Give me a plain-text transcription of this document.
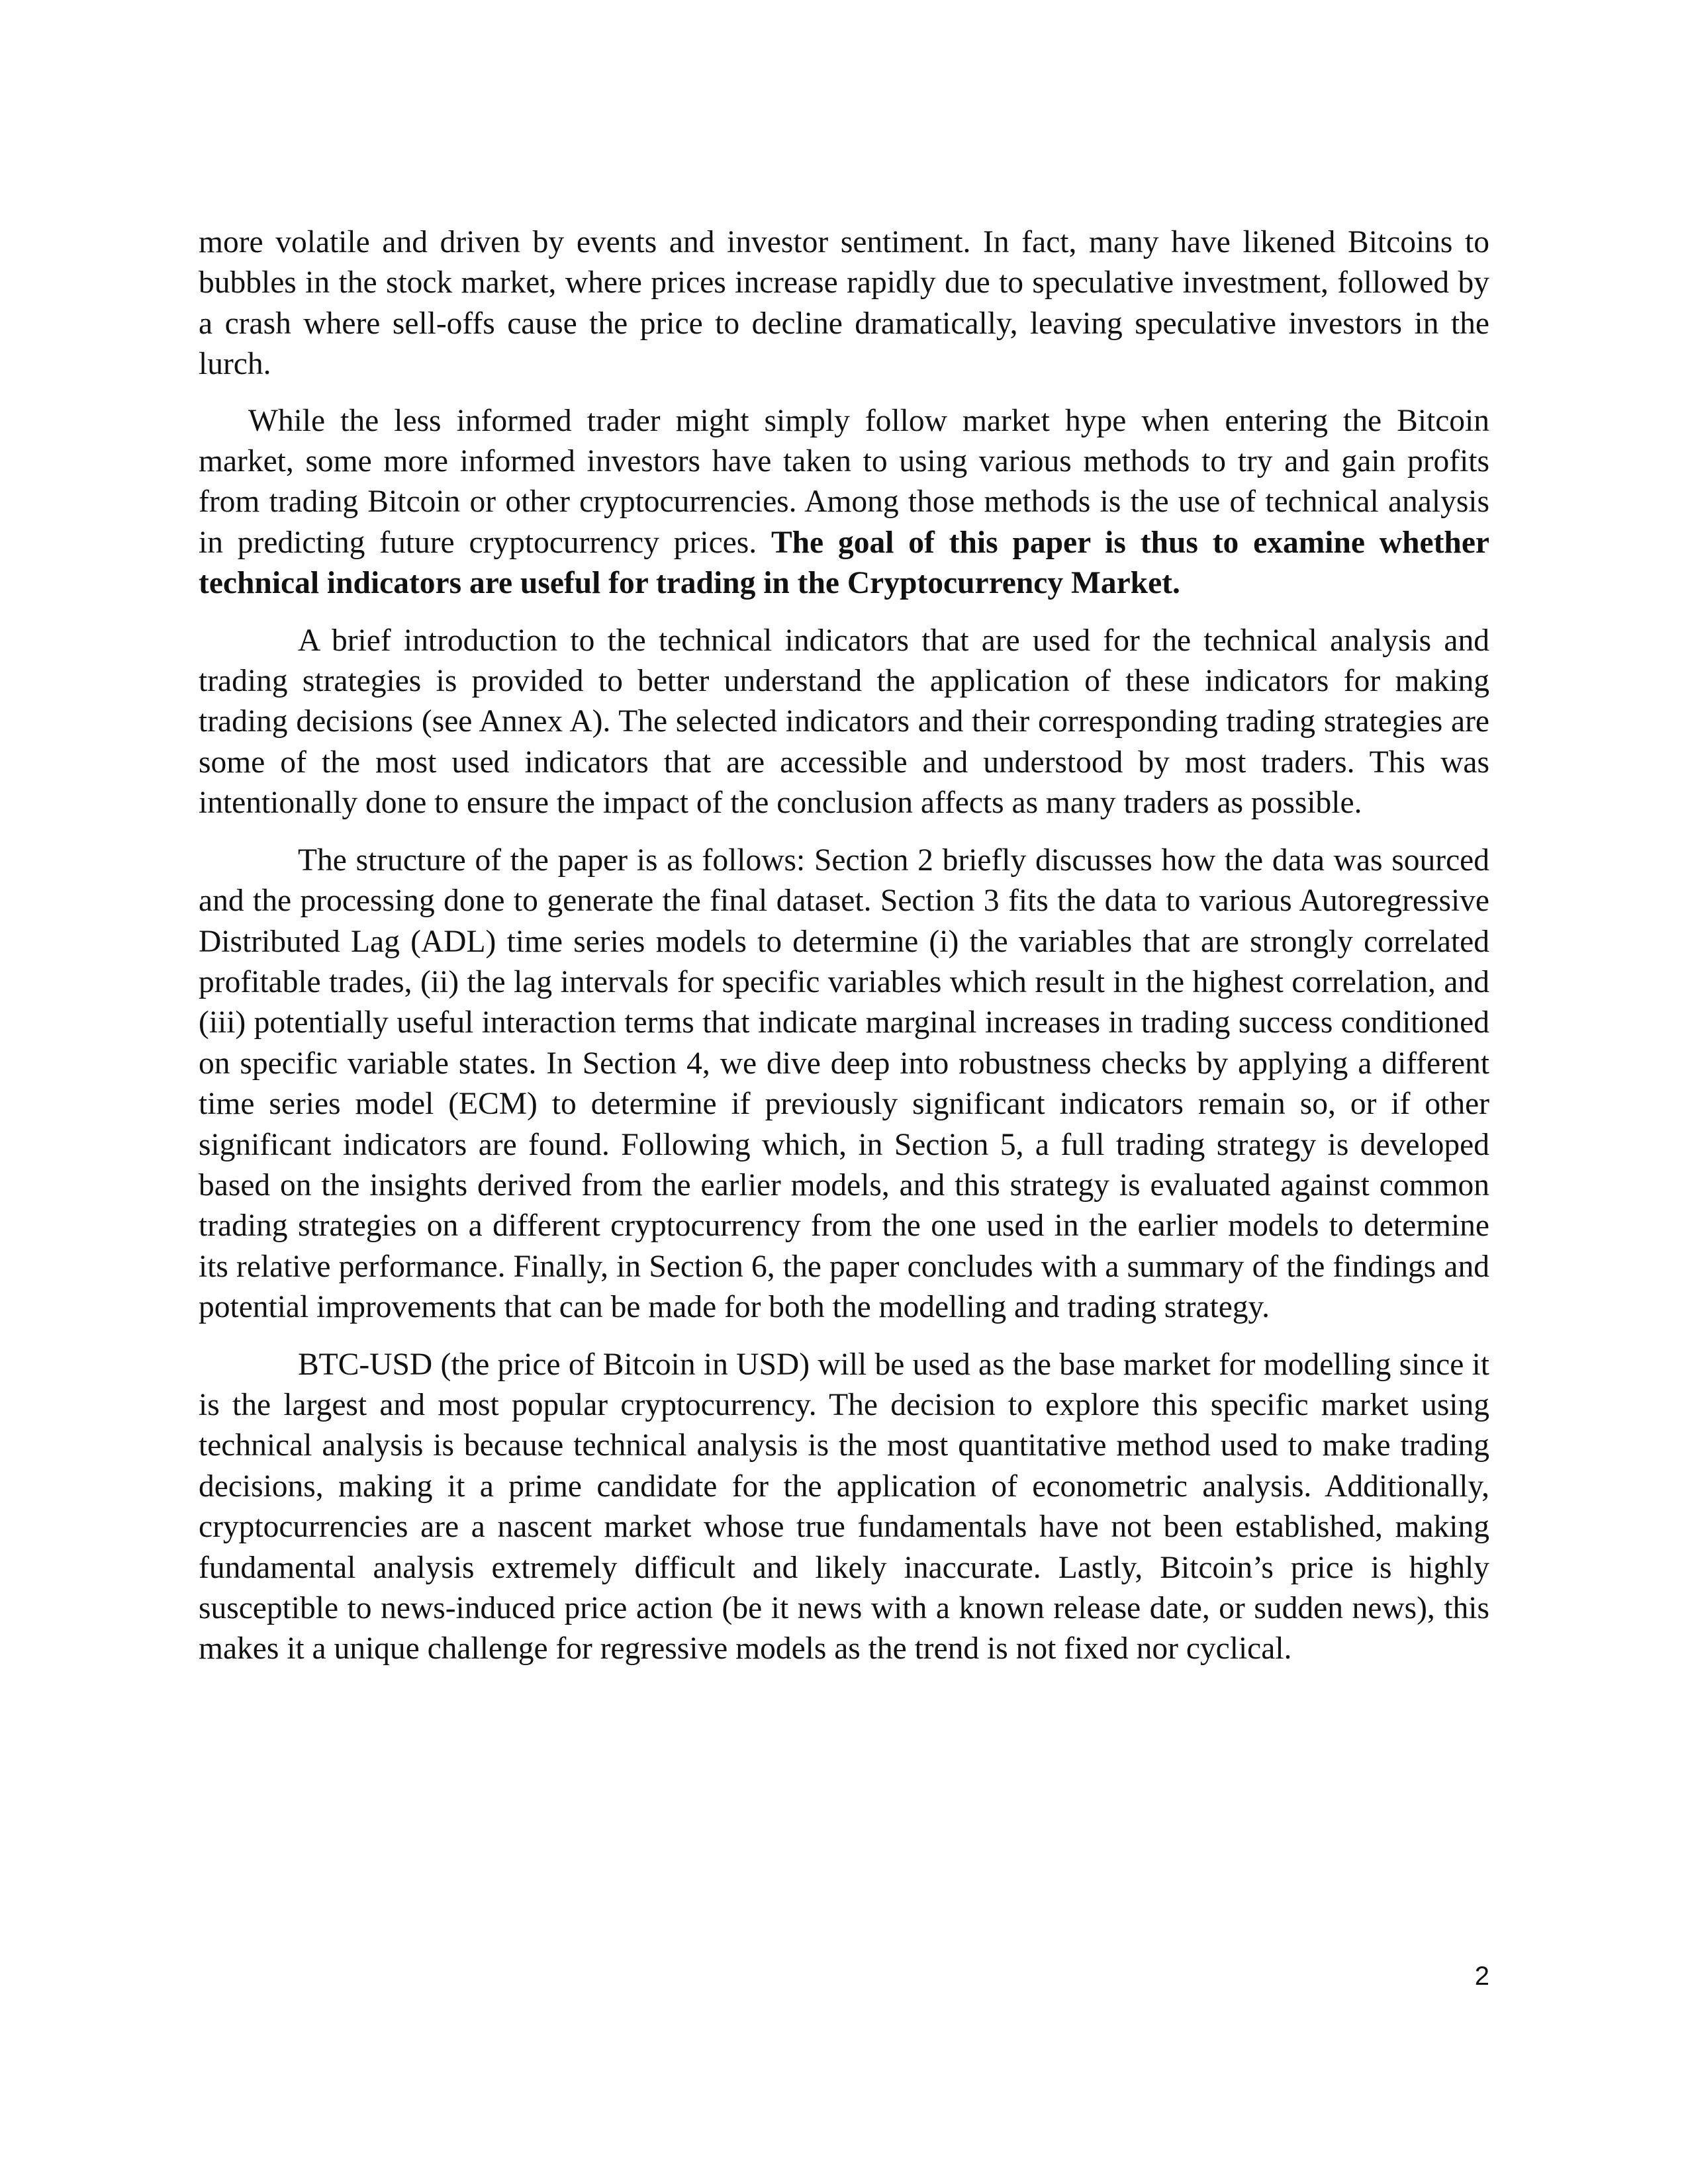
more volatile and driven by events and investor sentiment. In fact, many have likened Bitcoins to bubbles in the stock market, where prices increase rapidly due to speculative investment, followed by a crash where sell-offs cause the price to decline dramatically, leaving speculative investors in the lurch.

While the less informed trader might simply follow market hype when entering the Bitcoin market, some more informed investors have taken to using various methods to try and gain profits from trading Bitcoin or other cryptocurrencies. Among those methods is the use of technical analysis in predicting future cryptocurrency prices. The goal of this paper is thus to examine whether technical indicators are useful for trading in the Cryptocurrency Market.

A brief introduction to the technical indicators that are used for the technical analysis and trading strategies is provided to better understand the application of these indicators for making trading decisions (see Annex A). The selected indicators and their corresponding trading strategies are some of the most used indicators that are accessible and understood by most traders. This was intentionally done to ensure the impact of the conclusion affects as many traders as possible.

The structure of the paper is as follows: Section 2 briefly discusses how the data was sourced and the processing done to generate the final dataset. Section 3 fits the data to various Autoregressive Distributed Lag (ADL) time series models to determine (i) the variables that are strongly correlated profitable trades, (ii) the lag intervals for specific variables which result in the highest correlation, and (iii) potentially useful interaction terms that indicate marginal increases in trading success conditioned on specific variable states. In Section 4, we dive deep into robustness checks by applying a different time series model (ECM) to determine if previously significant indicators remain so, or if other significant indicators are found. Following which, in Section 5, a full trading strategy is developed based on the insights derived from the earlier models, and this strategy is evaluated against common trading strategies on a different cryptocurrency from the one used in the earlier models to determine its relative performance. Finally, in Section 6, the paper concludes with a summary of the findings and potential improvements that can be made for both the modelling and trading strategy.

BTC-USD (the price of Bitcoin in USD) will be used as the base market for modelling since it is the largest and most popular cryptocurrency. The decision to explore this specific market using technical analysis is because technical analysis is the most quantitative method used to make trading decisions, making it a prime candidate for the application of econometric analysis. Additionally, cryptocurrencies are a nascent market whose true fundamentals have not been established, making fundamental analysis extremely difficult and likely inaccurate. Lastly, Bitcoin’s price is highly susceptible to news-induced price action (be it news with a known release date, or sudden news), this makes it a unique challenge for regressive models as the trend is not fixed nor cyclical.

2
